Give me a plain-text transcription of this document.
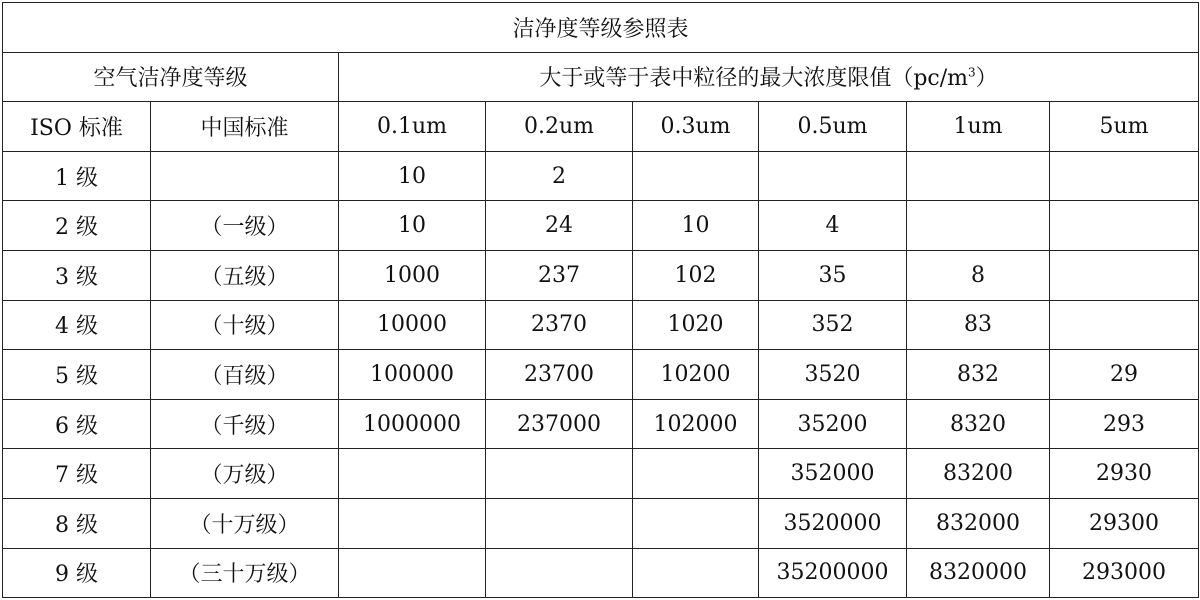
洁净度等级参照表							
空气洁净度等级		大于或等于表中粒径的最大浓度限值$(pc/m^3)$					
ISO 标准	中国标准	0.1um	0.2um	0.3um	0.5um	1um	5um
1 级		10	2				
2 级	（一级）	10	24	10	4		
3 级	（五级）	1000	237	102	35	8	
4 级	（十级）	10000	2370	1020	352	83	
5 级	（百级）	100000	23700	10200	3520	832	29
6 级	（千级）	1000000	237000	102000	35200	8320	293
7 级	（万级）				352000	83200	2930
8 级	（十万级）				3520000	832000	29300
9 级	（三十万级）				35200000	8320000	293000
